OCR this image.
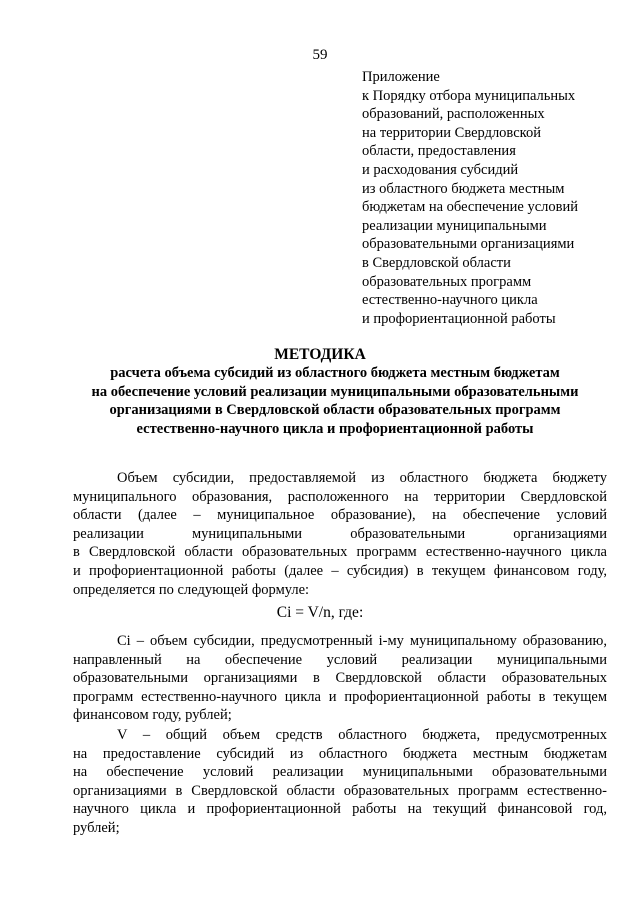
59
Приложение
к Порядку отбора муниципальных
образований, расположенных
на территории Свердловской
области, предоставления
и расходования субсидий
из областного бюджета местным
бюджетам на обеспечение условий
реализации муниципальными
образовательными организациями
в Свердловской области
образовательных программ
естественно-научного цикла
и профориентационной работы
МЕТОДИКА
расчета объема субсидий из областного бюджета местным бюджетам
на обеспечение условий реализации муниципальными образовательными
организациями в Свердловской области образовательных программ
естественно-научного цикла и профориентационной работы
Объем субсидии, предоставляемой из областного бюджета бюджету
муниципального образования, расположенного на территории Свердловской
области (далее – муниципальное образование), на обеспечение условий
реализации муниципальными образовательными организациями
в Свердловской области образовательных программ естественно-научного цикла
и профориентационной работы (далее – субсидия) в текущем финансовом году,
определяется по следующей формуле:
Ci = V/n, где:
Ci – объем субсидии, предусмотренный i-му муниципальному образованию,
направленный на обеспечение условий реализации муниципальными
образовательными организациями в Свердловской области образовательных
программ естественно-научного цикла и профориентационной работы в текущем
финансовом году, рублей;
V – общий объем средств областного бюджета, предусмотренных
на предоставление субсидий из областного бюджета местным бюджетам
на обеспечение условий реализации муниципальными образовательными
организациями в Свердловской области образовательных программ естественно-
научного цикла и профориентационной работы на текущий финансовой год,
рублей;
